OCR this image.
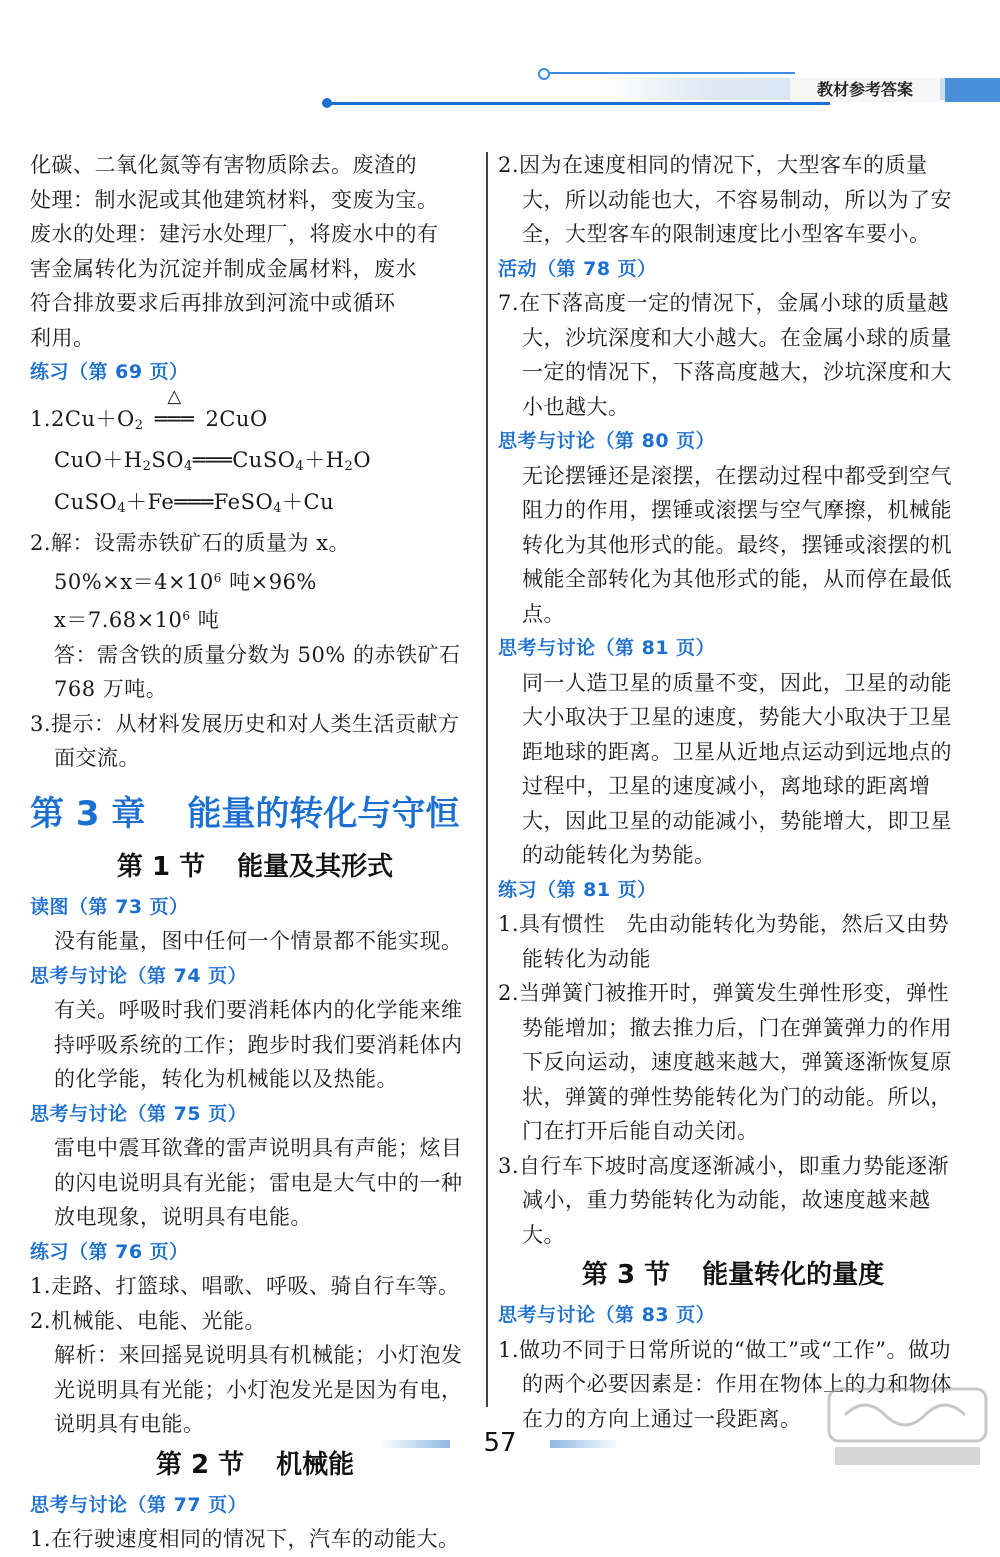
教材参考答案

化碳、二氧化氮等有害物质除去。废渣的

处理：制水泥或其他建筑材料，变废为宝。

废水的处理：建污水处理厂，将废水中的有

害金属转化为沉淀并制成金属材料，废水

符合排放要求后再排放到河流中或循环

利用。

练习（第 69 页）

$1.2Cu+O_2$
△
═══ 2CuO

$CuO+H_2SO_4═══CuSO_4+H_2O$

CuSO$_4$＋Fe═══FeSO$_4$＋Cu

2.解：设需赤铁矿石的质量为 x。

$50\%\times x=4\times 10^6$ 吨×96%

$x=7.68\times 10^6$ 吨

答：需含铁的质量分数为 50% 的赤铁矿石

768 万吨。

3.提示：从材料发展历史和对人类生活贡献方面交流。

第 3 章 能量的转化与守恒
第 1 节 能量及其形式

读图（第 73 页）

没有能量，图中任何一个情景都不能实现。

思考与讨论（第 74 页）

有关。呼吸时我们要消耗体内的化学能来维持呼吸系统的工作；跑步时我们要消耗体内的化学能，转化为机械能以及热能。

思考与讨论（第 75 页）

雷电中震耳欲聋的雷声说明具有声能；炫目的闪电说明具有光能；雷电是大气中的一种放电现象，说明具有电能。

练习（第 76 页）

1.走路、打篮球、唱歌、呼吸、骑自行车等。

2.机械能、电能、光能。

解析：来回摇晃说明具有机械能；小灯泡发光说明具有光能；小灯泡发光是因为有电，说明具有电能。

第 2 节 机械能

思考与讨论（第 77 页）

1.在行驶速度相同的情况下，汽车的动能大。

2.因为在速度相同的情况下，大型客车的质量大，所以动能也大，不容易制动，所以为了安全，大型客车的限制速度比小型客车要小。

活动（第 78 页）

7.在下落高度一定的情况下，金属小球的质量越大，沙坑深度和大小越大。在金属小球的质量一定的情况下，下落高度越大，沙坑深度和大小也越大。

思考与讨论（第 80 页）

无论摆锤还是滚摆，在摆动过程中都受到空气阻力的作用，摆锤或滚摆与空气摩擦，机械能转化为其他形式的能。最终，摆锤或滚摆的机械能全部转化为其他形式的能，从而停在最低点。

思考与讨论（第 81 页）

同一人造卫星的质量不变，因此，卫星的动能大小取决于卫星的速度，势能大小取决于卫星距地球的距离。卫星从近地点运动到远地点的过程中，卫星的速度减小，离地球的距离增大，因此卫星的动能减小，势能增大，即卫星的动能转化为势能。

练习（第 81 页）

1.具有惯性　先由动能转化为势能，然后又由势能转化为动能

2.当弹簧门被推开时，弹簧发生弹性形变，弹性势能增加；撤去推力后，门在弹簧弹力的作用下反向运动，速度越来越大，弹簧逐渐恢复原状，弹簧的弹性势能转化为门的动能。所以，门在打开后能自动关闭。

3.自行车下坡时高度逐渐减小，即重力势能逐渐减小，重力势能转化为动能，故速度越来越大。

第 3 节 能量转化的量度

思考与讨论（第 83 页）

1.做功不同于日常所说的“做工”或“工作”。做功的两个必要因素是：作用在物体上的力和物体在力的方向上通过一段距离。

57
